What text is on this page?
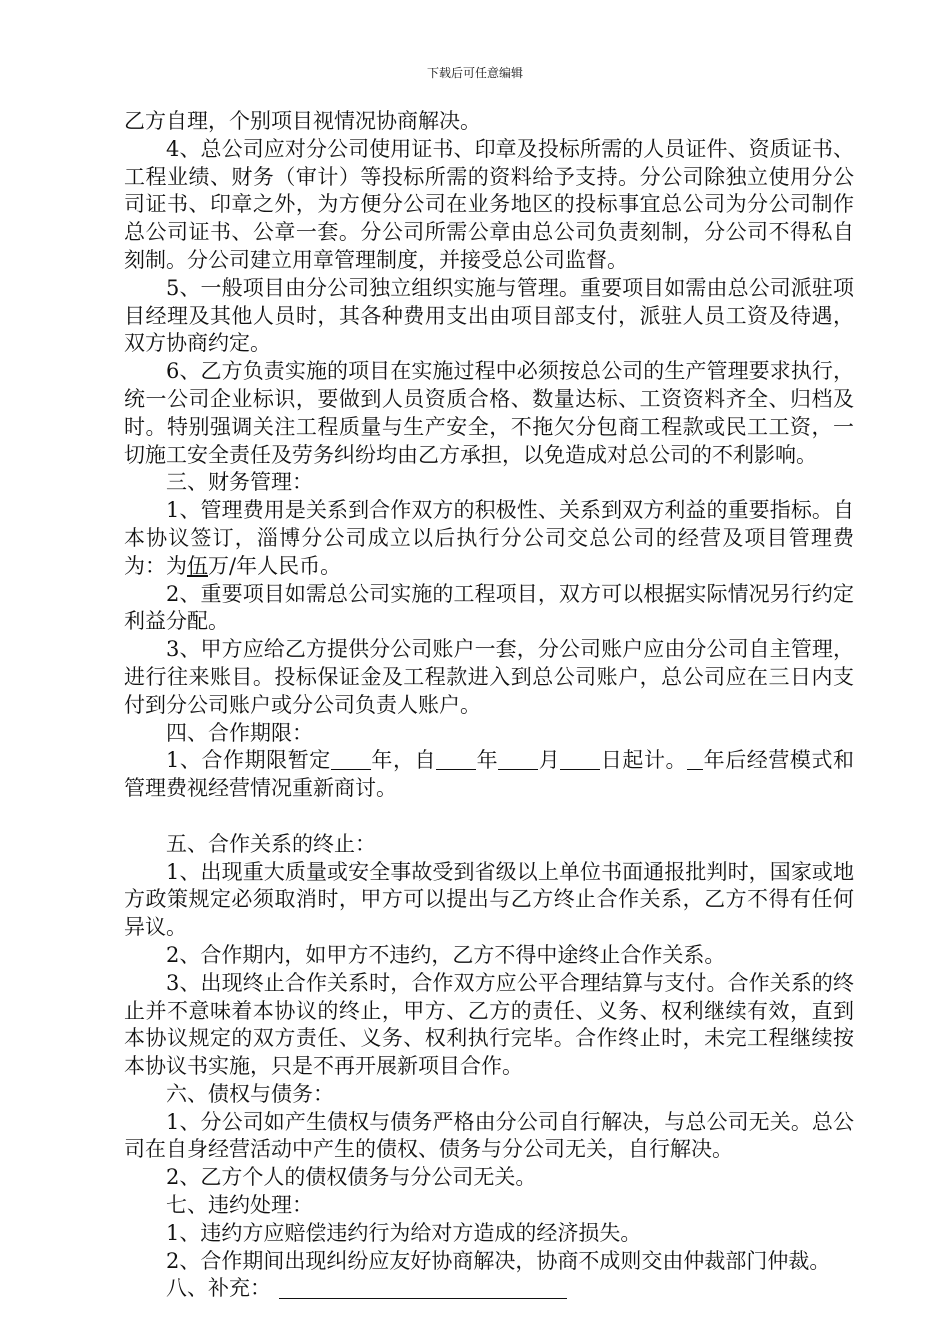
下载后可任意编辑

乙方自理，个别项目视情况协商解决。

4、总公司应对分公司使用证书、印章及投标所需的人员证件、资质证书、工程业绩、财务（审计）等投标所需的资料给予支持。分公司除独立使用分公司证书、印章之外，为方便分公司在业务地区的投标事宜总公司为分公司制作总公司证书、公章一套。分公司所需公章由总公司负责刻制，分公司不得私自刻制。分公司建立用章管理制度，并接受总公司监督。

5、一般项目由分公司独立组织实施与管理。重要项目如需由总公司派驻项目经理及其他人员时，其各种费用支出由项目部支付，派驻人员工资及待遇，双方协商约定。

6、乙方负责实施的项目在实施过程中必须按总公司的生产管理要求执行，统一公司企业标识，要做到人员资质合格、数量达标、工资资料齐全、归档及时。特别强调关注工程质量与生产安全，不拖欠分包商工程款或民工工资，一切施工安全责任及劳务纠纷均由乙方承担，以免造成对总公司的不利影响。

三、财务管理：

1、管理费用是关系到合作双方的积极性、关系到双方利益的重要指标。自本协议签订，淄博分公司成立以后执行分公司交总公司的经营及项目管理费为：为伍万/年人民币。

2、重要项目如需总公司实施的工程项目，双方可以根据实际情况另行约定利益分配。

3、甲方应给乙方提供分公司账户一套，分公司账户应由分公司自主管理，进行往来账目。投标保证金及工程款进入到总公司账户，总公司应在三日内支付到分公司账户或分公司负责人账户。

四、合作期限：

1、合作期限暂定 年，自 年 月 日起计。 年后经营模式和管理费视经营情况重新商讨。

五、合作关系的终止：

1、出现重大质量或安全事故受到省级以上单位书面通报批判时，国家或地方政策规定必须取消时，甲方可以提出与乙方终止合作关系，乙方不得有任何异议。

2、合作期内，如甲方不违约，乙方不得中途终止合作关系。

3、出现终止合作关系时，合作双方应公平合理结算与支付。合作关系的终止并不意味着本协议的终止，甲方、乙方的责任、义务、权利继续有效，直到本协议规定的双方责任、义务、权利执行完毕。合作终止时，未完工程继续按本协议书实施，只是不再开展新项目合作。

六、债权与债务：

1、分公司如产生债权与债务严格由分公司自行解决，与总公司无关。总公司在自身经营活动中产生的债权、债务与分公司无关，自行解决。

2、乙方个人的债权债务与分公司无关。

七、违约处理：

1、违约方应赔偿违约行为给对方造成的经济损失。

2、合作期间出现纠纷应友好协商解决，协商不成则交由仲裁部门仲裁。

八、补充：
